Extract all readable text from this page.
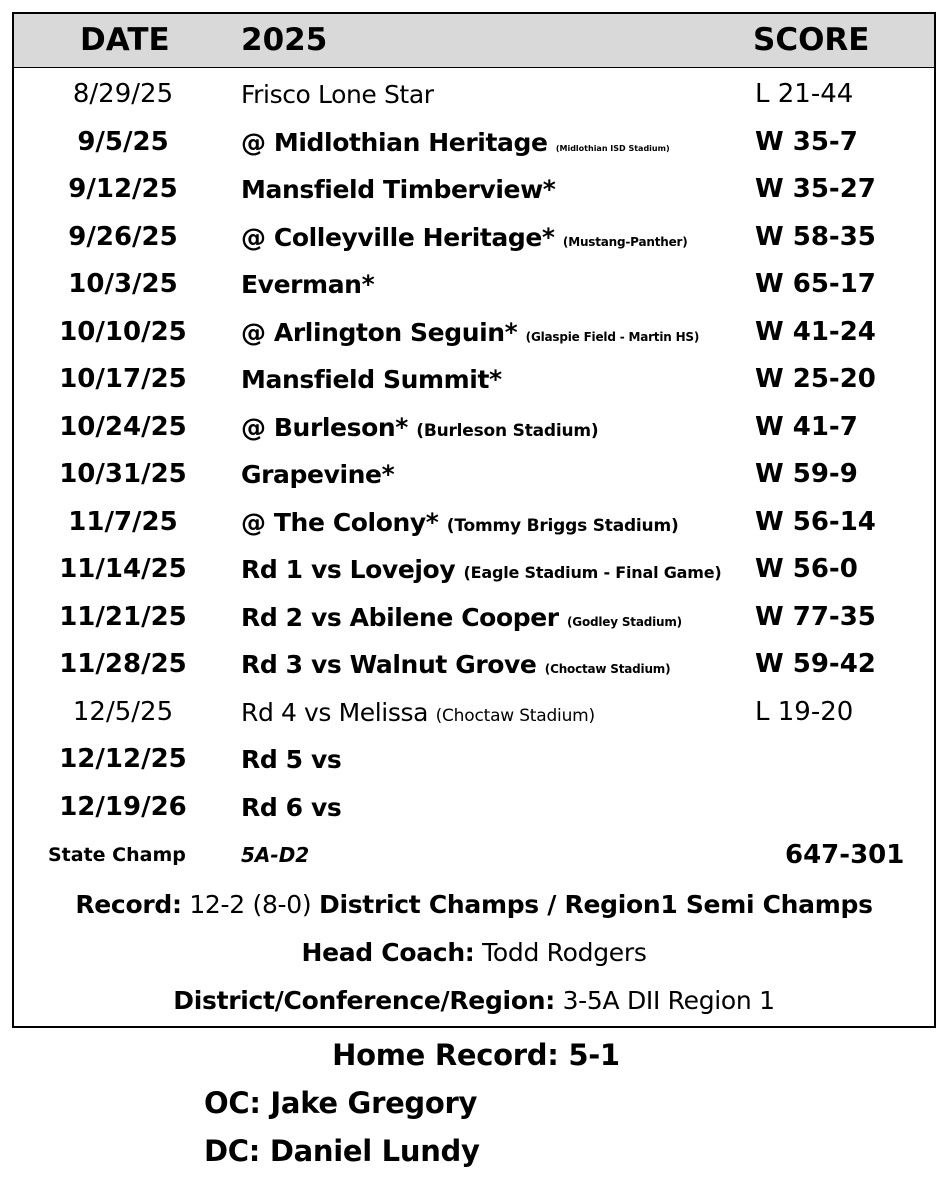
DATE 2025	SCORE
8/29/25	Frisco Lone Star	L 21-44
9/5/25	@ Midlothian Heritage (Midlothian ISD Stadium)	W 35-7
9/12/25	Mansfield Timberview*	W 35-27
9/26/25	@ Colleyville Heritage* (Mustang-Panther)	W 58-35
10/3/25	Everman*	W 65-17
10/10/25	@ Arlington Seguin* (Glaspie Field - Martin HS) W 41-24
10/17/25	Mansfield Summit*	W 25-20
10/24/25	@ Burleson* (Burleson Stadium)	W 41-7
10/31/25	Grapevine*	W 59-9
11/7/25	@ The Colony* (Tommy Briggs Stadium)	W 56-14
11/14/25	Rd 1 vs Lovejoy (Eagle Stadium - Final Game) W 56-0
11/21/25	Rd 2 vs Abilene Cooper (Godley Stadium)	W 77-35
11/28/25	Rd 3 vs Walnut Grove (Choctaw Stadium)	W 59-42
12/5/25	Rd 4 vs Melissa (Choctaw Stadium)	L 19-20
12/12/25	Rd 5 vs
12/19/26	Rd 6 vs
State Champ	5A-D2	647-301
Record: 12-2 (8-0) District Champs / Region1 Semi Champs
Head Coach: Todd Rodgers
District/Conference/Region: 3-5A DII Region 1
Home Record: 5-1
OC: Jake Gregory
DC: Daniel Lundy
